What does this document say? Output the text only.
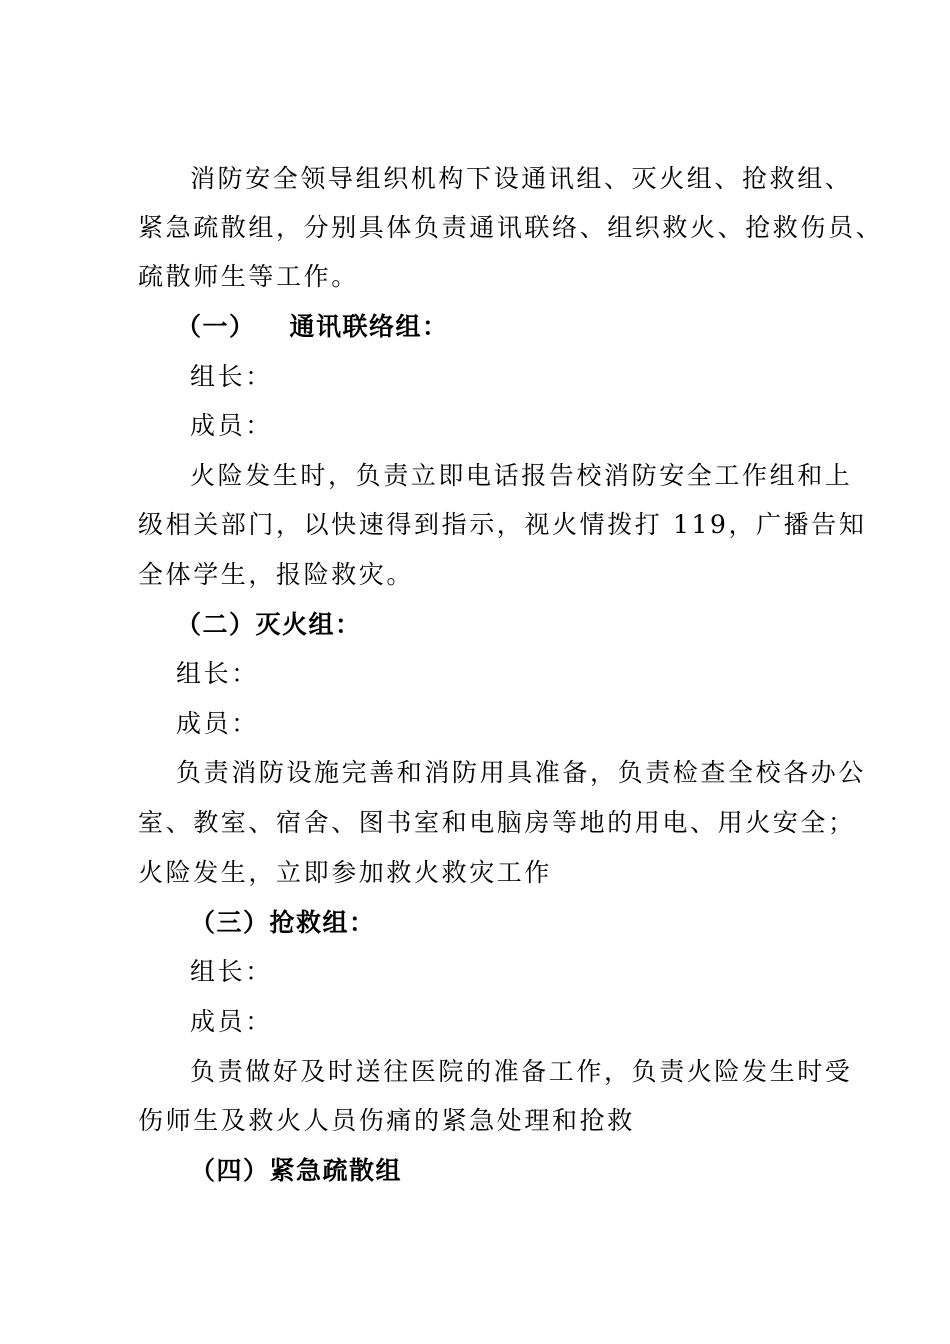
消防安全领导组织机构下设通讯组、灭火组、抢救组、
紧急疏散组，分别具体负责通讯联络、组织救火、抢救伤员、
疏散师生等工作。
（一） 通讯联络组：
组长：
成员：
火险发生时，负责立即电话报告校消防安全工作组和上
级相关部门，以快速得到指示，视火情拨打 119，广播告知
全体学生，报险救灾。
（二）灭火组：
组长：
成员：
负责消防设施完善和消防用具准备，负责检查全校各办公
室、教室、宿舍、图书室和电脑房等地的用电、用火安全；
火险发生，立即参加救火救灾工作
（三）抢救组：
组长：
成员：
负责做好及时送往医院的准备工作，负责火险发生时受
伤师生及救火人员伤痛的紧急处理和抢救
（四）紧急疏散组
